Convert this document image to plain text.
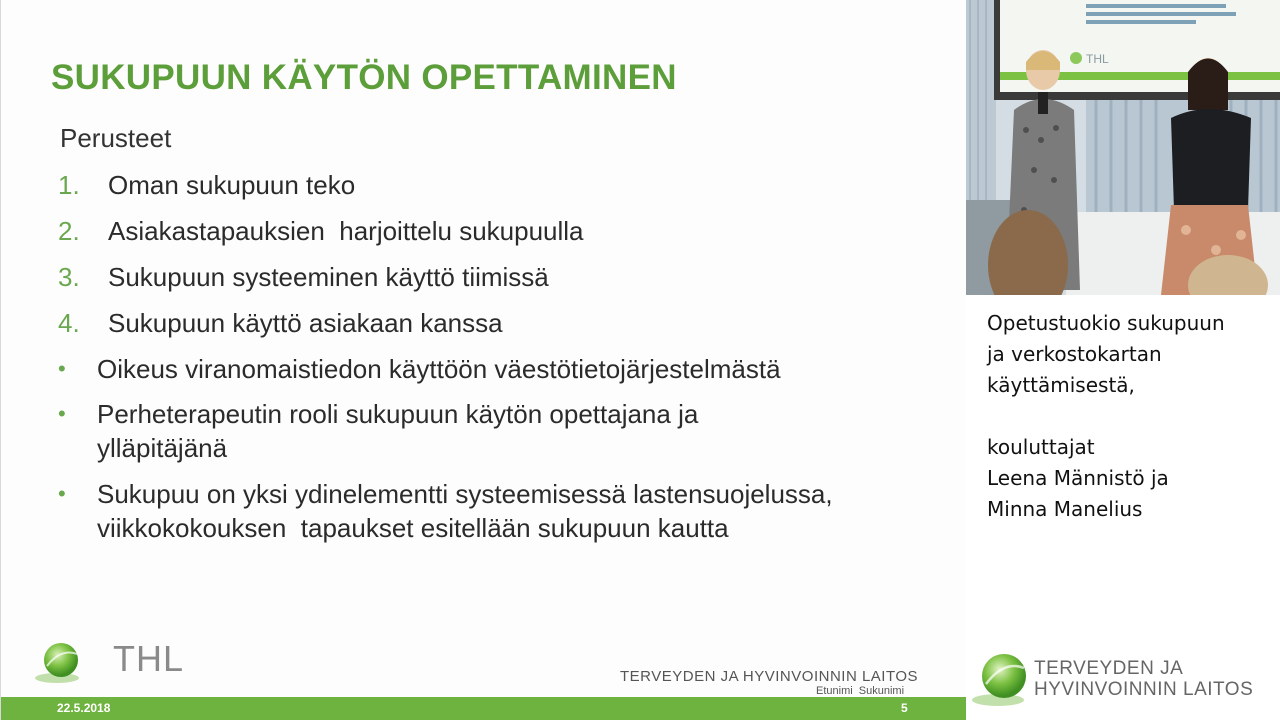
SUKUPUUN KÄYTÖN OPETTAMINEN
Perusteet
1. Oman sukupuun teko
2. Asiakastapauksien  harjoittelu sukupuulla
3. Sukupuun systeeminen käyttö tiimissä
4. Sukupuun käyttö asiakaan kanssa
• Oikeus viranomaistiedon käyttöön väestötietojärjestelmästä
• Perheterapeutin rooli sukupuun käytön opettajana ja ylläpitäjänä
• Sukupuu on yksi ydinelementti systeemisessä lastensuojelussa, viikkokokouksen  tapaukset esitellään sukupuun kautta
THL	TERVEYDEN JA HYVINVOINNIN LAITOS
Etunimi  Sukunimi
22.5.2018	5
THL
Opetustuokio sukupuun
ja verkostokartan
käyttämisestä,
kouluttajat
Leena Männistö ja
Minna Manelius
TERVEYDEN JA
HYVINVOINNIN LAITOS
